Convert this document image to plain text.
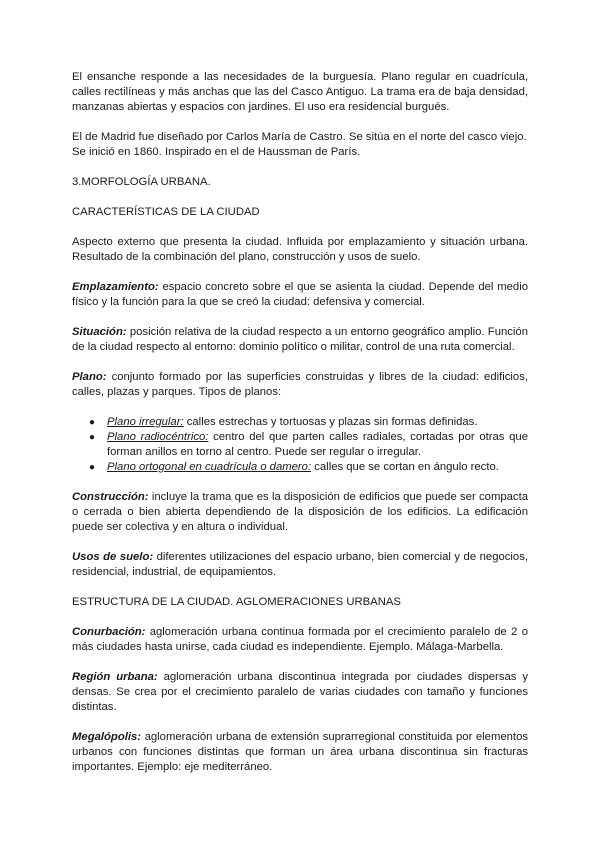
El ensanche responde a las necesidades de la burguesía. Plano regular en cuadrícula, calles rectilíneas y más anchas que las del Casco Antiguo. La trama era de baja densidad, manzanas abiertas y espacios con jardines. El uso era residencial burgués.

El de Madrid fue diseñado por Carlos María de Castro. Se sitúa en el norte del casco viejo. Se inició en 1860. Inspirado en el de Haussman de París.

3.MORFOLOGÍA URBANA.

CARACTERÍSTICAS DE LA CIUDAD

Aspecto externo que presenta la ciudad. Influida por emplazamiento y situación urbana. Resultado de la combinación del plano, construcción y usos de suelo.

Emplazamiento: espacio concreto sobre el que se asienta la ciudad. Depende del medio físico y la función para la que se creó la ciudad: defensiva y comercial.

Situación: posición relativa de la ciudad respecto a un entorno geográfico amplio. Función de la ciudad respecto al entorno: dominio político o militar, control de una ruta comercial.

Plano: conjunto formado por las superficies construidas y libres de la ciudad: edificios, calles, plazas y parques. Tipos de planos:

● Plano irregular: calles estrechas y tortuosas y plazas sin formas definidas.
● Plano radiocéntrico: centro del que parten calles radiales, cortadas por otras que forman anillos en torno al centro. Puede ser regular o irregular.
● Plano ortogonal en cuadrícula o damero: calles que se cortan en ángulo recto.

Construcción: incluye la trama que es la disposición de edificios que puede ser compacta o cerrada o bien abierta dependiendo de la disposición de los edificios. La edificación puede ser colectiva y en altura o individual.

Usos de suelo: diferentes utilizaciones del espacio urbano, bien comercial y de negocios, residencial, industrial, de equipamientos.

ESTRUCTURA DE LA CIUDAD. AGLOMERACIONES URBANAS

Conurbación: aglomeración urbana continua formada por el crecimiento paralelo de 2 o más ciudades hasta unirse, cada ciudad es independiente. Ejemplo. Málaga-Marbella.

Región urbana: aglomeración urbana discontinua integrada por ciudades dispersas y densas. Se crea por el crecimiento paralelo de varias ciudades con tamaño y funciones distintas.

Megalópolis: aglomeración urbana de extensión suprarregional constituida por elementos urbanos con funciones distintas que forman un área urbana discontinua sin fracturas importantes. Ejemplo: eje mediterráneo.
